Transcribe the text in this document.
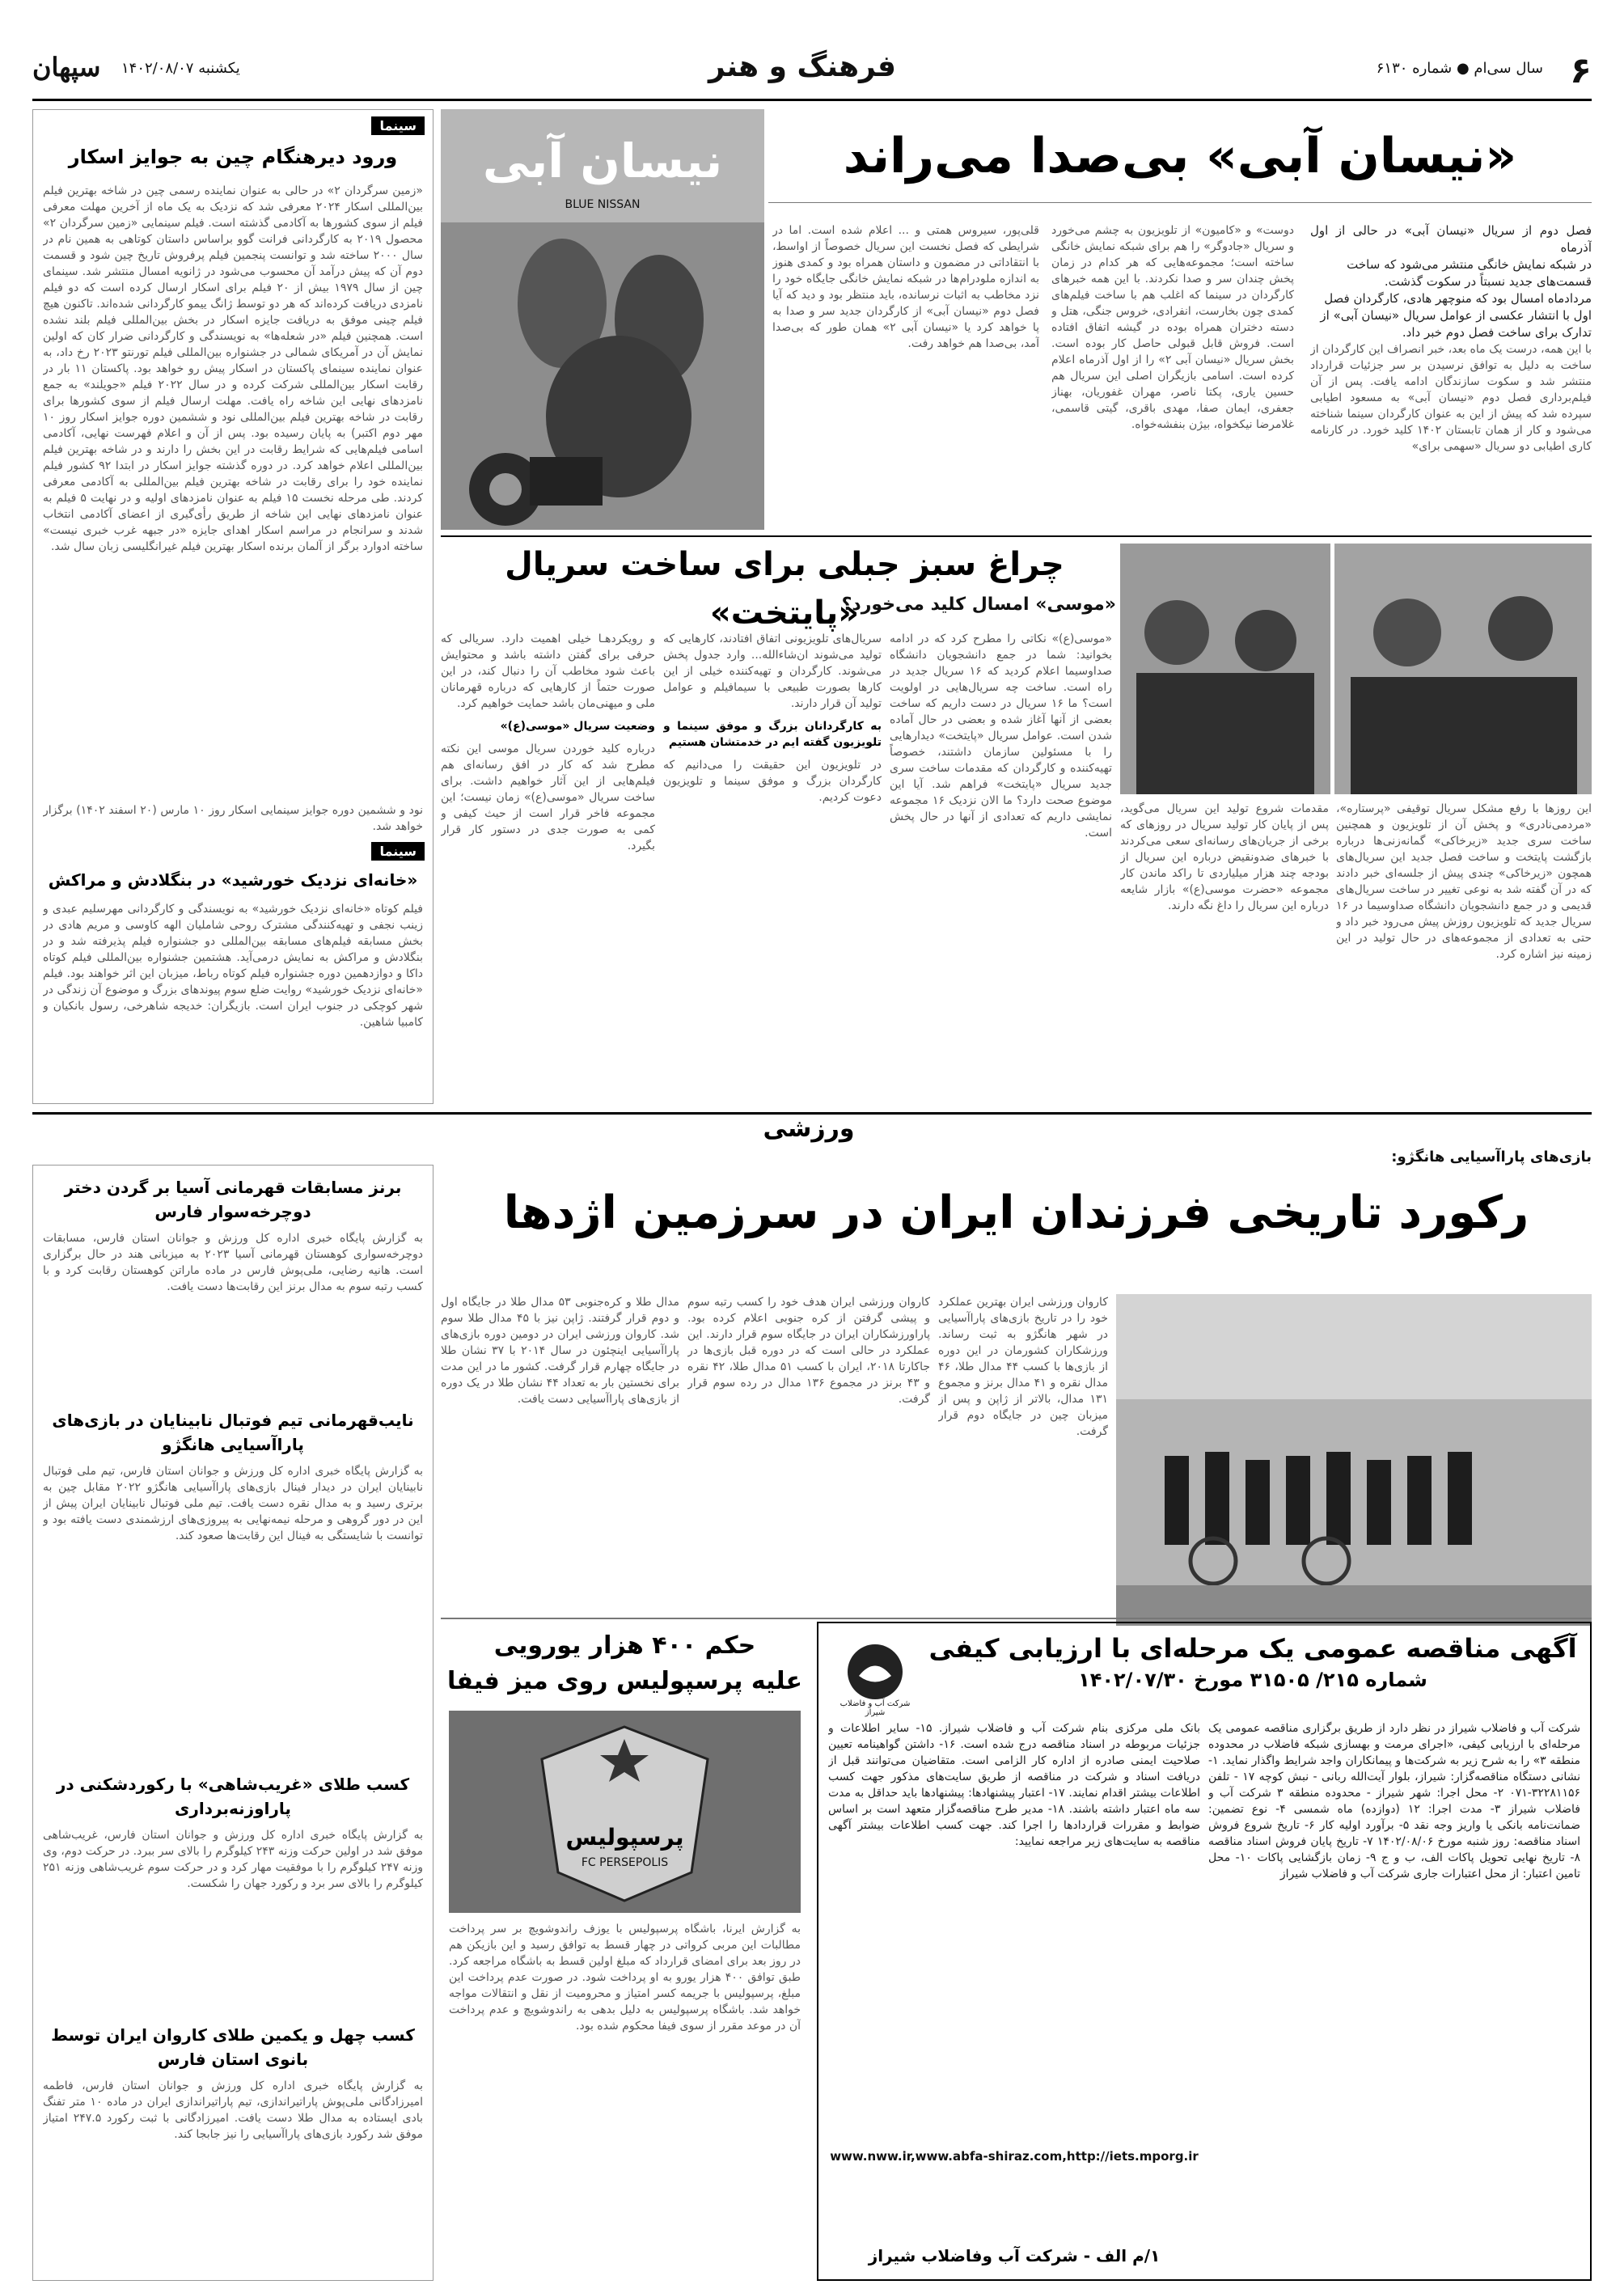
۶
سال سی‌ام ● شماره ۶۱۳۰
فرهنگ و هنر
یکشنبه ۱۴۰۲/۰۸/۰۷
سپهان
سینما
ورود دیرهنگام چین به جوایز اسکار
«زمین سرگردان ۲» در حالی به عنوان نماینده رسمی چین در شاخه بهترین فیلم بین‌المللی اسکار ۲۰۲۴ معرفی شد که نزدیک به یک ماه از آخرین مهلت معرفی فیلم از سوی کشورها به آکادمی گذشته است. فیلم سینمایی «زمین سرگردان ۲» محصول ۲۰۱۹ به کارگردانی فرانت گوو براساس داستان کوتاهی به همین نام در سال ۲۰۰۰ ساخته شد و توانست پنجمین فیلم پرفروش تاریخ چین شود و قسمت دوم آن که پیش درآمد آن محسوب می‌شود در ژانویه امسال منتشر شد. سینمای چین از سال ۱۹۷۹ بیش از ۲۰ فیلم برای اسکار ارسال کرده است که دو فیلم نامزدی دریافت کرده‌اند که هر دو توسط ژانگ ییمو کارگردانی شده‌اند. تاکنون هیچ فیلم چینی موفق به دریافت جایزه اسکار در بخش بین‌المللی فیلم بلند نشده است. همچنین فیلم «در شعله‌ها» به نویسندگی و کارگردانی ضرار کان که اولین نمایش آن در آمریکای شمالی در جشنواره بین‌المللی فیلم تورنتو ۲۰۲۳ رخ داد، به عنوان نماینده سینمای پاکستان در اسکار پیش رو خواهد بود. پاکستان ۱۱ بار در رقابت اسکار بین‌المللی شرکت کرده و در سال ۲۰۲۲ فیلم «جویلند» به جمع نامزدهای نهایی این شاخه راه یافت. مهلت ارسال فیلم از سوی کشورها برای رقابت در شاخه بهترین فیلم بین‌المللی نود و ششمین دوره جوایز اسکار روز ۱۰ مهر دوم اکتبر) به پایان رسیده بود. پس از آن و اعلام فهرست نهایی، آکادمی اسامی فیلم‌هایی که شرایط رقابت در این بخش را دارند و در شاخه بهترین فیلم بین‌المللی اعلام خواهد کرد. در دوره گذشته جوایز اسکار در ابتدا ۹۲ کشور فیلم نماینده خود را برای رقابت در شاخه بهترین فیلم بین‌المللی به آکادمی معرفی کردند. طی مرحله نخست ۱۵ فیلم به عنوان نامزدهای اولیه و در نهایت ۵ فیلم به عنوان نامزدهای نهایی این شاخه از طریق رأی‌گیری از اعضای آکادمی انتخاب شدند و سرانجام در مراسم اسکار اهدای جایزه «در جبهه غرب خبری نیست» ساخته ادوارد برگر از آلمان برنده اسکار بهترین فیلم غیرانگلیسی زبان سال شد.
نود و ششمین دوره جوایز سینمایی اسکار روز ۱۰ مارس (۲۰ اسفند ۱۴۰۲) برگزار خواهد شد.
سینما
«خانه‌ای نزدیک خورشید» در بنگلادش و مراکش
فیلم کوتاه «خانه‌ای نزدیک خورشید» به نویسندگی و کارگردانی مهرسلیم عبدی و زینب نجفی و تهیه‌کنندگی مشترک روحی شاملیان الهه کاوسی و مریم هادی در بخش مسابقه فیلم‌های مسابقه بین‌المللی دو جشنواره فیلم پذیرفته شد و در بنگلادش و مراکش به نمایش درمی‌آید. هشتمین جشنواره بین‌المللی فیلم کوتاه داکا و دوازدهمین دوره جشنواره فیلم کوتاه رباط، میزبان این اثر خواهند بود. فیلم «خانه‌ای نزدیک خورشید» روایت ضلع سوم پیوندهای بزرگ و موضوع آن زندگی در شهر کوچکی در جنوب ایران است. بازیگران: خدیجه شاهرخی، رسول بانکیان و کامبیا شاهین.
«نیسان آبی» بی‌صدا می‌راند
فصل دوم از سریال «نیسان آبی» در حالی از اول آذرماه
در شبکه نمایش خانگی منتشر می‌شود که ساخت
قسمت‌های جدید نسبتاً در سکوت گذشت.
مردادماه امسال بود که منوچهر هادی، کارگردان فصل
اول با انتشار عکسی از عوامل سریال «نیسان آبی» از
تدارک برای ساخت فصل دوم خبر داد.
با این همه، درست یک ماه بعد، خبر انصراف این کارگردان از ساخت به دلیل به توافق نرسیدن بر سر جزئیات قرارداد منتشر شد و سکوت سازندگان ادامه یافت. پس از آن فیلم‌برداری فصل دوم «نیسان آبی» به مسعود اطیابی سپرده شد که پیش از این به عنوان کارگردان سینما شناخته می‌شود و کار از همان تابستان ۱۴۰۲ کلید خورد. در کارنامه کاری اطیابی دو سریال «سهمی برای»
دوست» و «کامیون» از تلویزیون به چشم می‌خورد و سریال «جادوگر» را هم برای شبکه نمایش خانگی ساخته است؛ مجموعه‌هایی که هر کدام در زمان پخش چندان سر و صدا نکردند. با این همه خبرهای کارگردان در سینما که اغلب هم با ساخت فیلم‌های کمدی چون بخارست، انفرادی، خروس جنگی، هتل و دسته دختران همراه بوده در گیشه اتفاق افتاده است. فروش قابل قبولی حاصل کار بوده است. بخش سریال «نیسان آبی ۲» را از اول آذرماه اعلام کرده است. اسامی بازیگران اصلی این سریال هم حسین یاری، پکتا ناصر، مهران غفوریان، بهناز جعفری، ایمان صفا، مهدی باقری، گیتی قاسمی، غلامرضا نیکخواه، بیژن بنفشه‌خواه.
قلی‌پور، سیروس همتی و ... اعلام شده است. اما در شرایطی که فصل نخست این سریال خصوصاً از اواسط، با انتقاداتی در مضمون و داستان همراه بود و کمدی هنوز به اندازه ملودرام‌ها در شبکه نمایش خانگی جایگاه خود را نزد مخاطب به اثبات نرسانده، باید منتظر بود و دید که آیا فصل دوم «نیسان آبی» از کارگردان جدید سر و صدا به پا خواهد کرد یا «نیسان آبی ۲» همان طور که بی‌صدا آمد، بی‌صدا هم خواهد رفت.
نیسان آبی
BLUE NISSAN
چراغ سبز جبلی برای ساخت سریال «پایتخت»
«موسی» امسال کلید می‌خورد؟
این روزها با رفع مشکل سریال توقیفی «پرستاره»، «مردمی‌نادری» و پخش آن از تلویزیون و همچنین ساخت سری جدید «زیرخاکی» گمانه‌زنی‌ها درباره بازگشت پایتخت و ساخت فصل جدید این سریال‌های همچون «زیرخاکی» چندی پیش از جلسه‌ای خبر دادند که در آن گفته شد به نوعی تغییر در ساخت سریال‌های قدیمی و در جمع دانشجویان دانشگاه صداوسیما در ۱۶ سریال جدید که تلویزیون روزش پیش می‌رود خبر داد و حتی به تعدادی از مجموعه‌های در حال تولید در این زمینه نیز اشاره کرد.
مقدمات شروع تولید این سریال می‌گوید، پس از پایان کار تولید سریال در روزهای که برخی از جریان‌های رسانه‌ای سعی می‌کردند با خبرهای ضدونقیض درباره این سریال از بودجه چند هزار میلیاردی تا راکد ماندن کار مجموعه «حضرت موسی(ع)» بازار شایعه درباره این سریال را داغ نگه دارند.
«موسی(ع)» نکاتی را مطرح کرد که در ادامه بخوانید: شما در جمع دانشجویان دانشگاه صداوسیما اعلام کردید که ۱۶ سریال جدید در راه است. ساخت چه سریال‌هایی در اولویت است؟ ما ۱۶ سریال در دست داریم که ساخت بعضی از آنها آغاز شده و بعضی در حال آماده شدن است. عوامل سریال «پایتخت» دیدارهایی را با مسئولین سازمان داشتند، خصوصاً تهیه‌کننده و کارگردان که مقدمات ساخت سری جدید سریال «پایتخت» فراهم شد. آیا این موضوع صحت دارد؟ ما الان نزدیک ۱۶ مجموعه نمایشی داریم که تعدادی از آنها در حال پخش است.
سریال‌های تلویزیونی اتفاق افتادند، کارهایی که تولید می‌شوند ان‌شاءالله... وارد جدول پخش می‌شوند. کارگردان و تهیه‌کننده خیلی از این کارها بصورت طبیعی با سیمافیلم و عوامل تولید آن قرار دارند.
به کارگردانان بزرگ و موفق سینما و تلویزیون گفته ایم در خدمتشان هستیم
در تلویزیون این حقیقت را می‌دانیم که کارگردان بزرگ و موفق سینما و تلویزیون دعوت کردیم.
و رویکردهـا خیلی اهمیت دارد. سریالی که حرفی برای گفتن داشته باشد و محتوایش باعث شود مخاطب آن را دنبال کند، در این صورت حتماً از کارهایی که درباره قهرمانان ملی و میهنی‌مان باشد حمایت خواهیم کرد.
وضعیت سریال «موسی(ع)»
درباره کلید خوردن سریال موسی این نکته مطرح شد که کار در افق رسانه‌ای هم فیلم‌هایی از این آثار خواهیم داشت. برای ساخت سریال «موسی(ع)» زمان نیست؛ این مجموعه فاخر قرار است از حیث کیفی و کمی به صورت جدی در دستور کار قرار بگیرد.
ورزشی
بازی‌های پاراآسیایی هانگژو:
رکورد تاریخی فرزندان ایران در سرزمین اژدها
برنز مسابقات قهرمانی آسیا بر گردن دختر دوچرخه‌سوار فارس
به گزارش پایگاه خبری اداره کل ورزش و جوانان استان فارس، مسابقات دوچرخه‌سواری کوهستان قهرمانی آسیا ۲۰۲۳ به میزبانی هند در حال برگزاری است. هانیه رضایی، ملی‌پوش فارس در ماده ماراتن کوهستان رقابت کرد و با کسب رتبه سوم به مدال برنز این رقابت‌ها دست یافت.
نایب‌قهرمانی تیم فوتبال نابینایان در بازی‌های پاراآسیایی هانگژو
به گزارش پایگاه خبری اداره کل ورزش و جوانان استان فارس، تیم ملی فوتبال نابینایان ایران در دیدار فینال بازی‌های پاراآسیایی هانگژو ۲۰۲۲ مقابل چین به برتری رسید و به مدال نقره دست یافت. تیم ملی فوتبال نابینایان ایران پیش از این در دور گروهی و مرحله نیمه‌نهایی به پیروزی‌های ارزشمندی دست یافته بود و توانست با شایستگی به فینال این رقابت‌ها صعود کند.
کسب طلای «غریب‌شاهی» با رکوردشکنی در پاراوزنه‌برداری
به گزارش پایگاه خبری اداره کل ورزش و جوانان استان فارس، غریب‌شاهی موفق شد در اولین حرکت وزنه ۲۴۳ کیلوگرم را بالای سر ببرد. در حرکت دوم، وی وزنه ۲۴۷ کیلوگرم را با موفقیت مهار کرد و در حرکت سوم غریب‌شاهی وزنه ۲۵۱ کیلوگرم را بالای سر برد و رکورد جهان را شکست.
کسب چهل و یکمین طلای کاروان ایران توسط بانوی استان فارس
به گزارش پایگاه خبری اداره کل ورزش و جوانان استان فارس، فاطمه امیرزادگانی ملی‌پوش پاراتیراندازی، تیم پاراتیراندازی ایران در ماده ۱۰ متر تفنگ بادی ایستاده به مدال طلا دست یافت. امیرزادگانی با ثبت رکورد ۲۴۷.۵ امتیاز موفق شد رکورد بازی‌های پاراآسیایی را نیز جابجا کند.
کاروان ورزشی ایران بهترین عملکرد خود را در تاریخ بازی‌های پاراآسیایی در شهر هانگژو به ثبت رساند. ورزشکاران کشورمان در این دوره از بازی‌ها با کسب ۴۴ مدال طلا، ۴۶ مدال نقره و ۴۱ مدال برنز و مجموع ۱۳۱ مدال، بالاتر از ژاپن و پس از میزبان چین در جایگاه دوم قرار گرفت.
کاروان ورزشی ایران هدف خود را کسب رتبه سوم و پیشی گرفتن از کره جنوبی اعلام کرده بود. پاراورزشکاران ایران در جایگاه سوم قرار دارند. این عملکرد در حالی است که در دوره قبل بازی‌ها در جاکارتا ۲۰۱۸، ایران با کسب ۵۱ مدال طلا، ۴۲ نقره و ۴۳ برنز در مجموع ۱۳۶ مدال در رده سوم قرار گرفت.
مدال طلا و کره‌جنوبی ۵۳ مدال طلا در جایگاه اول و دوم قرار گرفتند. ژاپن نیز با ۴۵ مدال طلا سوم شد. کاروان ورزشی ایران در دومین دوره بازی‌های پاراآسیایی اینچئون در سال ۲۰۱۴ با ۳۷ نشان طلا در جایگاه چهارم قرار گرفت. کشور ما در این مدت برای نخستین بار به تعداد ۴۴ نشان طلا در یک دوره از بازی‌های پاراآسیایی دست یافت.
حکم ۴۰۰ هزار یورویی
علیه پرسپولیس روی میز فیفا
پرسپولیس
FC PERSEPOLIS
به گزارش ایرنا، باشگاه پرسپولیس با یوزف راندوشویچ بر سر پرداخت مطالبات این مربی کرواتی در چهار قسط به توافق رسید و این بازیکن هم در روز بعد برای امضای قرارداد که مبلغ اولین قسط به باشگاه مراجعه کرد. طبق توافق ۴۰۰ هزار یورو به او پرداخت شود. در صورت عدم پرداخت این مبلغ، پرسپولیس با جریمه کسر امتیاز و محرومیت از نقل و انتقالات مواجه خواهد شد. باشگاه پرسپولیس به دلیل بدهی به راندوشویچ و عدم پرداخت آن در موعد مقرر از سوی فیفا محکوم شده بود.
آگهی مناقصه عمومی یک مرحله‌ای با ارزیابی کیفی
شماره ۲۱۵/ ۳۱۵۰۵ مورخ ۱۴۰۲/۰۷/۳۰
شرکت آب و فاضلاب شیراز
شرکت آب و فاضلاب شیراز در نظر دارد از طریق برگزاری مناقصه عمومی یک مرحله‌ای با ارزیابی کیفی، «اجرای مرمت و بهسازی شبکه فاضلاب در محدوده منطقه ۳» را به شرح زیر به شرکت‌ها و پیمانکاران واجد شرایط واگذار نماید. ۱- نشانی دستگاه مناقصه‌گزار: شیراز، بلوار آیت‌الله ربانی - نبش کوچه ۱۷ - تلفن ۳۲۲۸۱۱۵۶-۰۷۱ ۲- محل اجرا: شهر شیراز - محدوده منطقه ۳ شرکت آب و فاضلاب شیراز ۳- مدت اجرا: ۱۲ (دوازده) ماه شمسی ۴- نوع تضمین: ضمانت‌نامه بانکی یا واریز وجه نقد ۵- برآورد اولیه کار ۶- تاریخ شروع فروش اسناد مناقصه: روز شنبه مورخ ۱۴۰۲/۰۸/۰۶ ۷- تاریخ پایان فروش اسناد مناقصه ۸- تاریخ نهایی تحویل پاکات الف، ب و ج ۹- زمان بازگشایی پاکات ۱۰- محل تامین اعتبار: از محل اعتبارات جاری شرکت آب و فاضلاب شیراز
بانک ملی مرکزی بنام شرکت آب و فاضلاب شیراز. ۱۵- سایر اطلاعات و جزئیات مربوطه در اسناد مناقصه درج شده است. ۱۶- داشتن گواهینامه تعیین صلاحیت ایمنی صادره از اداره کار الزامی است. متقاضیان می‌توانند قبل از دریافت اسناد و شرکت در مناقصه از طریق سایت‌های مذکور جهت کسب اطلاعات بیشتر اقدام نمایند. ۱۷- اعتبار پیشنهادها: پیشنهادها باید حداقل به مدت سه ماه اعتبار داشته باشند. ۱۸- مدیر طرح مناقصه‌گزار متعهد است بر اساس ضوابط و مقررات قراردادها را اجرا کند. جهت کسب اطلاعات بیشتر آگهی مناقصه به سایت‌های زیر مراجعه نمایید:
www.nww.ir,www.abfa-shiraz.com,http://iets.mporg.ir
۱/م الف - شرکت آب وفاضلاب شیراز
